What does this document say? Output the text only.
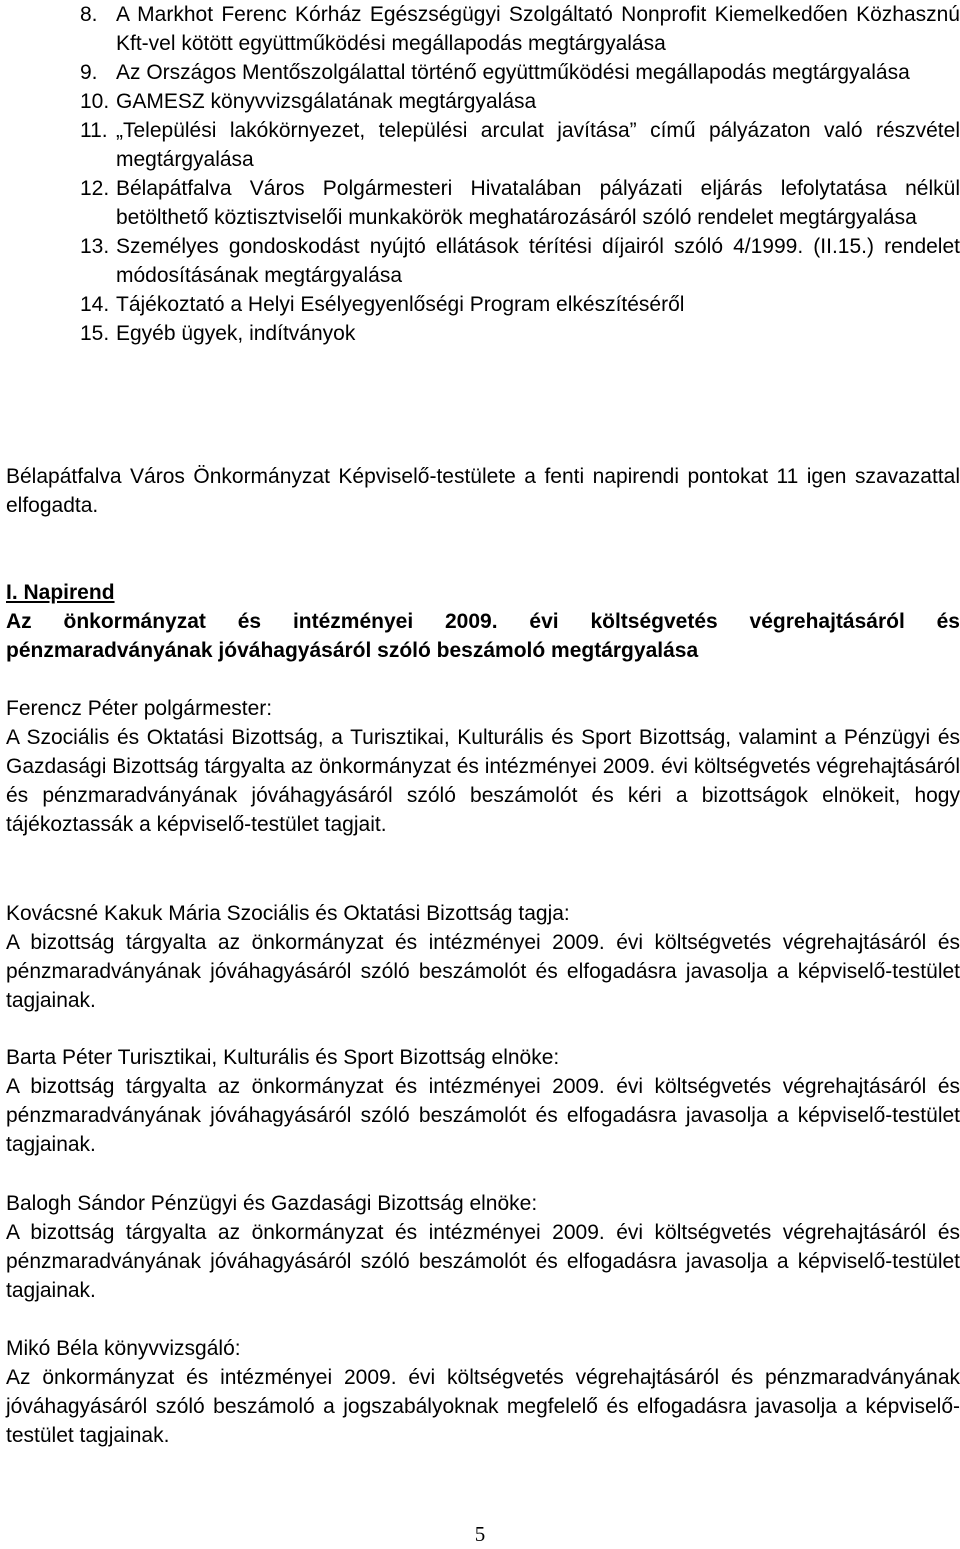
8. A Markhot Ferenc Kórház Egészségügyi Szolgáltató Nonprofit Kiemelkedően Közhasznú Kft-vel kötött együttműködési megállapodás megtárgyalása
9. Az Országos Mentőszolgálattal történő együttműködési megállapodás megtárgyalása
10. GAMESZ könyvvizsgálatának megtárgyalása
11. „Települési lakókörnyezet, települési arculat javítása” című pályázaton való részvétel megtárgyalása
12. Bélapátfalva Város Polgármesteri Hivatalában pályázati eljárás lefolytatása nélkül betölthető köztisztviselői munkakörök meghatározásáról szóló rendelet megtárgyalása
13. Személyes gondoskodást nyújtó ellátások térítési díjairól szóló 4/1999. (II.15.) rendelet módosításának megtárgyalása
14. Tájékoztató a Helyi Esélyegyenlőségi Program elkészítéséről
15. Egyéb ügyek, indítványok

Bélapátfalva Város Önkormányzat Képviselő-testülete a fenti napirendi pontokat 11 igen szavazattal elfogadta.

I. Napirend

Az önkormányzat és intézményei 2009. évi költségvetés végrehajtásáról és pénzmaradványának jóváhagyásáról szóló beszámoló megtárgyalása

Ferencz Péter polgármester:

A Szociális és Oktatási Bizottság, a Turisztikai, Kulturális és Sport Bizottság, valamint a Pénzügyi és Gazdasági Bizottság tárgyalta az önkormányzat és intézményei 2009. évi költségvetés végrehajtásáról és pénzmaradványának jóváhagyásáról szóló beszámolót és kéri a bizottságok elnökeit, hogy tájékoztassák a képviselő-testület tagjait.

Kovácsné Kakuk Mária Szociális és Oktatási Bizottság tagja:

A bizottság tárgyalta az önkormányzat és intézményei 2009. évi költségvetés végrehajtásáról és pénzmaradványának jóváhagyásáról szóló beszámolót és elfogadásra javasolja a képviselő-testület tagjainak.

Barta Péter Turisztikai, Kulturális és Sport Bizottság elnöke:

A bizottság tárgyalta az önkormányzat és intézményei 2009. évi költségvetés végrehajtásáról és pénzmaradványának jóváhagyásáról szóló beszámolót és elfogadásra javasolja a képviselő-testület tagjainak.

Balogh Sándor Pénzügyi és Gazdasági Bizottság elnöke:

A bizottság tárgyalta az önkormányzat és intézményei 2009. évi költségvetés végrehajtásáról és pénzmaradványának jóváhagyásáról szóló beszámolót és elfogadásra javasolja a képviselő-testület tagjainak.

Mikó Béla könyvvizsgáló:

Az önkormányzat és intézményei 2009. évi költségvetés végrehajtásáról és pénzmaradványának jóváhagyásáról szóló beszámoló a jogszabályoknak megfelelő és elfogadásra javasolja a képviselő-testület tagjainak.

5
